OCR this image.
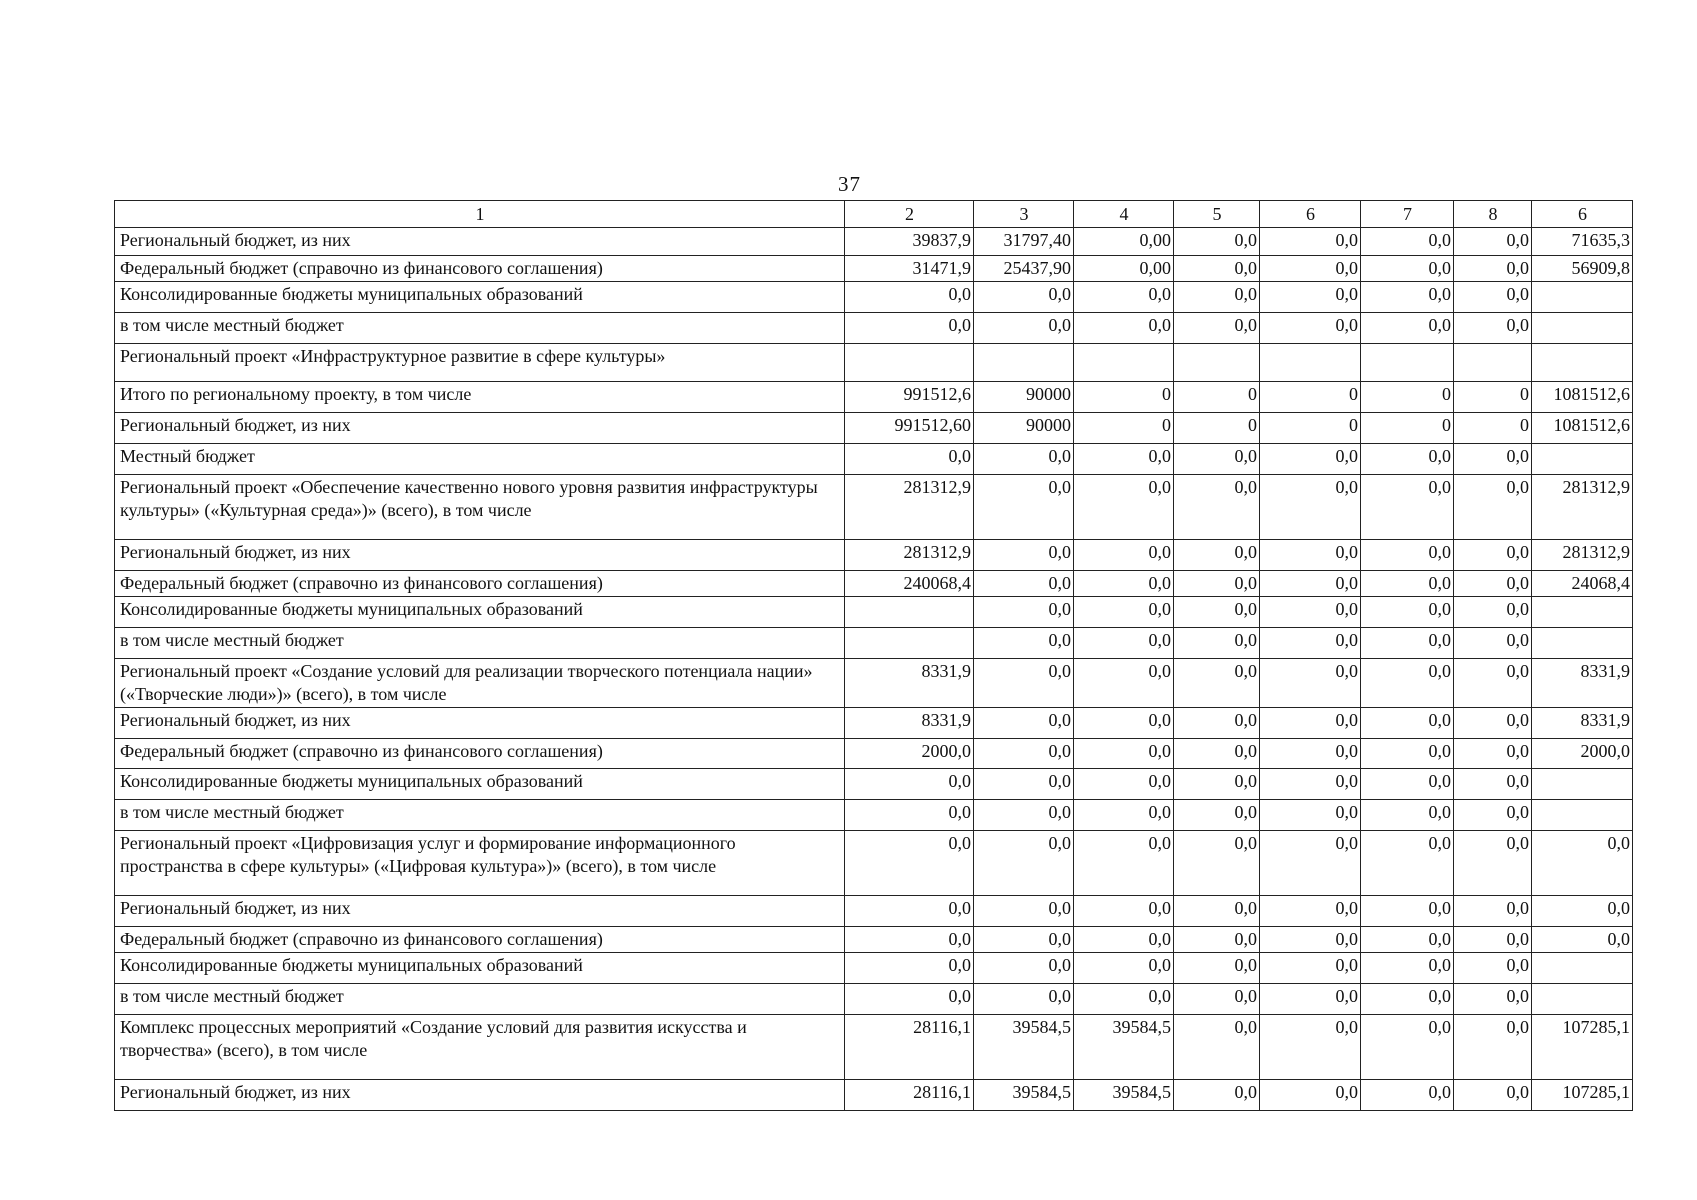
37
1	2	3	4	5	6	7	8	6
Региональный бюджет, из них	39837,9	31797,40	0,00	0,0	0,0	0,0	0,0	71635,3
Федеральный бюджет (справочно из финансового соглашения)	31471,9	25437,90	0,00	0,0	0,0	0,0	0,0	56909,8
Консолидированные бюджеты муниципальных образований	0,0	0,0	0,0	0,0	0,0	0,0	0,0	
в том числе местный бюджет	0,0	0,0	0,0	0,0	0,0	0,0	0,0	
Региональный проект «Инфраструктурное развитие в сфере культуры»								
Итого по региональному проекту, в том числе	991512,6	90000	0	0	0	0	0	1081512,6
Региональный бюджет, из них	991512,60	90000	0	0	0	0	0	1081512,6
Местный бюджет	0,0	0,0	0,0	0,0	0,0	0,0	0,0	
Региональный проект «Обеспечение качественно нового уровня развития инфраструктуры культуры» («Культурная среда»)» (всего), в том числе	281312,9	0,0	0,0	0,0	0,0	0,0	0,0	281312,9
Региональный бюджет, из них	281312,9	0,0	0,0	0,0	0,0	0,0	0,0	281312,9
Федеральный бюджет (справочно из финансового соглашения)	240068,4	0,0	0,0	0,0	0,0	0,0	0,0	24068,4
Консолидированные бюджеты муниципальных образований		0,0	0,0	0,0	0,0	0,0	0,0	
в том числе местный бюджет		0,0	0,0	0,0	0,0	0,0	0,0	
Региональный проект «Создание условий для реализации творческого потенциала нации» («Творческие люди»)» (всего), в том числе	8331,9	0,0	0,0	0,0	0,0	0,0	0,0	8331,9
Региональный бюджет, из них	8331,9	0,0	0,0	0,0	0,0	0,0	0,0	8331,9
Федеральный бюджет (справочно из финансового соглашения)	2000,0	0,0	0,0	0,0	0,0	0,0	0,0	2000,0
Консолидированные бюджеты муниципальных образований	0,0	0,0	0,0	0,0	0,0	0,0	0,0	
в том числе местный бюджет	0,0	0,0	0,0	0,0	0,0	0,0	0,0	
Региональный проект «Цифровизация услуг и формирование информационного пространства в сфере культуры» («Цифровая культура»)» (всего), в том числе	0,0	0,0	0,0	0,0	0,0	0,0	0,0	0,0
Региональный бюджет, из них	0,0	0,0	0,0	0,0	0,0	0,0	0,0	0,0
Федеральный бюджет (справочно из финансового соглашения)	0,0	0,0	0,0	0,0	0,0	0,0	0,0	0,0
Консолидированные бюджеты муниципальных образований	0,0	0,0	0,0	0,0	0,0	0,0	0,0	
в том числе местный бюджет	0,0	0,0	0,0	0,0	0,0	0,0	0,0	
Комплекс процессных мероприятий «Создание условий для развития искусства и творчества» (всего), в том числе	28116,1	39584,5	39584,5	0,0	0,0	0,0	0,0	107285,1
Региональный бюджет, из них	28116,1	39584,5	39584,5	0,0	0,0	0,0	0,0	107285,1
